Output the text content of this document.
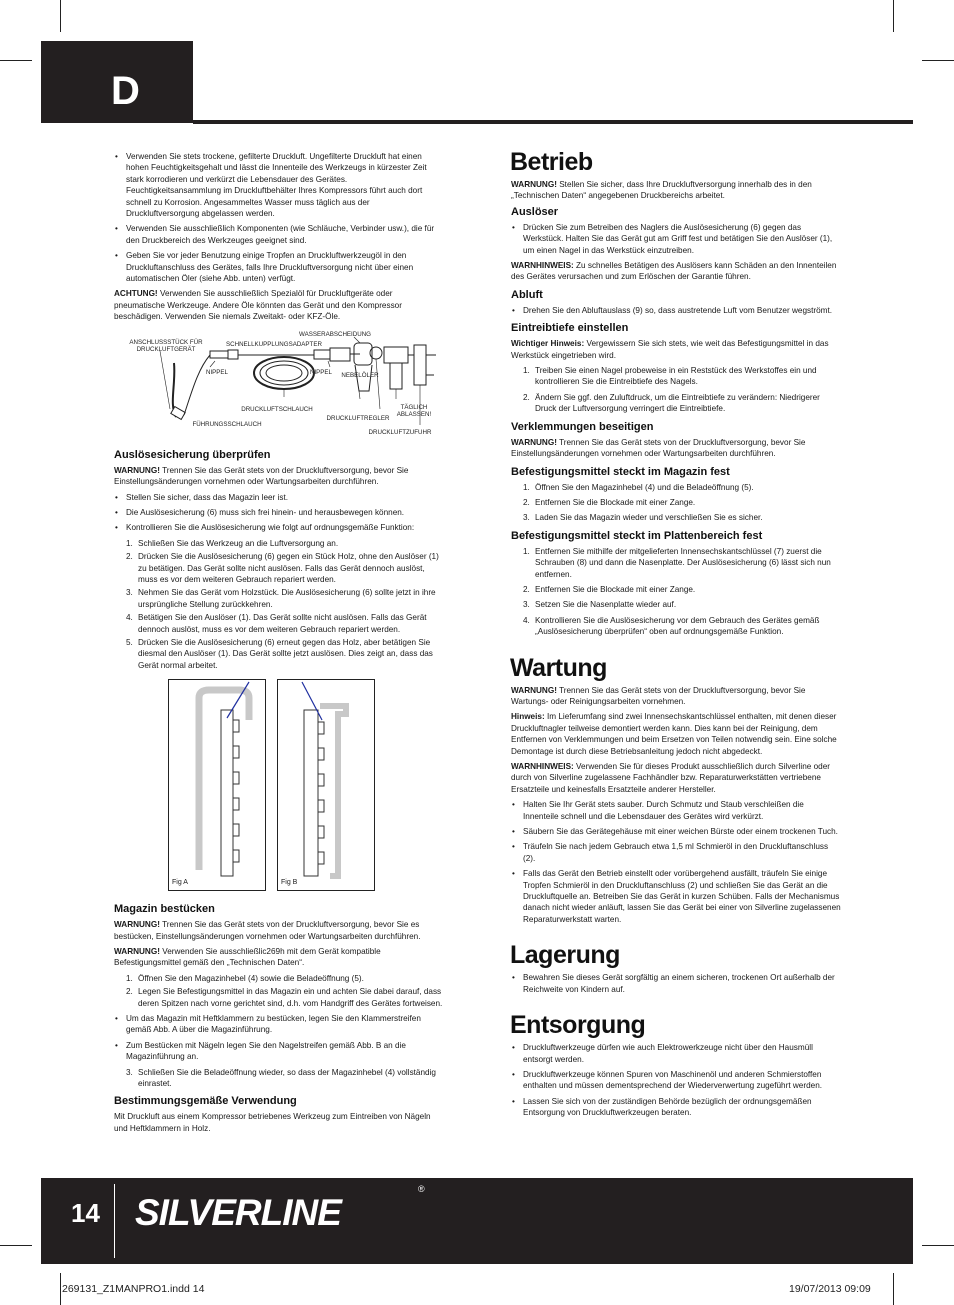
D
• Verwenden Sie stets trockene, gefilterte Druckluft. Ungefilterte Druckluft hat einen hohen Feuchtigkeitsgehalt und lässt die Innenteile des Werkzeugs in kürzester Zeit stark korrodieren und verkürzt die Lebensdauer des Gerätes. Feuchtigkeitsansammlung im Druckluftbehälter Ihres Kompressors führt auch dort schnell zu Korrosion. Angesammeltes Wasser muss täglich aus der Druckluftversorgung abgelassen werden.
• Verwenden Sie ausschließlich Komponenten (wie Schläuche, Verbinder usw.), die für den Druckbereich des Werkzeuges geeignet sind.
• Geben Sie vor jeder Benutzung einige Tropfen an Druckluftwerkzeugöl in den Druckluftanschluss des Gerätes, falls Ihre Druckluftversorgung nicht über einen automatischen Öler (siehe Abb. unten) verfügt.

ACHTUNG! Verwenden Sie ausschließlich Spezialöl für Druckluftgeräte oder pneumatische Werkzeuge. Andere Öle könnten das Gerät und den Kompressor beschädigen. Verwenden Sie niemals Zweitakt- oder KFZ-Öle.

ANSCHLUSSSTÜCK FÜR DRUCKLUFTGERÄT
SCHNELLKUPPLUNGSADAPTER
WASSERABSCHEIDUNG
NIPPEL	NIPPEL	NEBELÖLER
TÄGLICH ABLASSEN!
DRUCKLUFTSCHLAUCH
DRUCKLUFTREGLER
FÜHRUNGSSCHLAUCH
DRUCKLUFTZUFUHR
Auslösesicherung überprüfen

WARNUNG! Trennen Sie das Gerät stets von der Druckluftversorgung, bevor Sie Einstellungsänderungen vornehmen oder Wartungsarbeiten durchführen.

• Stellen Sie sicher, dass das Magazin leer ist.
• Die Auslösesicherung (6) muss sich frei hinein- und herausbewegen können.
• Kontrollieren Sie die Auslösesicherung wie folgt auf ordnungsgemäße Funktion:
1. Schließen Sie das Werkzeug an die Luftversorgung an.
2. Drücken Sie die Auslösesicherung (6) gegen ein Stück Holz, ohne den Auslöser (1) zu betätigen. Das Gerät sollte nicht auslösen. Falls das Gerät dennoch auslöst, muss es vor dem weiteren Gebrauch repariert werden.
3. Nehmen Sie das Gerät vom Holzstück. Die Auslösesicherung (6) sollte jetzt in ihre ursprüngliche Stellung zurückkehren.
4. Betätigen Sie den Auslöser (1). Das Gerät sollte nicht auslösen. Falls das Gerät dennoch auslöst, muss es vor dem weiteren Gebrauch repariert werden.
5. Drücken Sie die Auslösesicherung (6) erneut gegen das Holz, aber betätigen Sie diesmal den Auslöser (1). Das Gerät sollte jetzt auslösen. Dies zeigt an, dass das Gerät normal arbeitet.
Fig A	Fig B
Magazin bestücken

WARNUNG! Trennen Sie das Gerät stets von der Druckluftversorgung, bevor Sie es bestücken, Einstellungsänderungen vornehmen oder Wartungsarbeiten durchführen.

WARNUNG! Verwenden Sie ausschließlic269h mit dem Gerät kompatible Befestigungsmittel gemäß den „Technischen Daten“.

1. Öffnen Sie den Magazinhebel (4) sowie die Beladeöffnung (5).
2. Legen Sie Befestigungsmittel in das Magazin ein und achten Sie dabei darauf, dass deren Spitzen nach vorne gerichtet sind, d.h. vom Handgriff des Gerätes fortweisen.
• Um das Magazin mit Heftklammern zu bestücken, legen Sie den Klammerstreifen gemäß Abb. A über die Magazinführung.
• Zum Bestücken mit Nägeln legen Sie den Nagelstreifen gemäß Abb. B an die Magazinführung an.
3. Schließen Sie die Beladeöffnung wieder, so dass der Magazinhebel (4) vollständig einrastet.
Bestimmungsgemäße Verwendung

Mit Druckluft aus einem Kompressor betriebenes Werkzeug zum Eintreiben von Nägeln und Heftklammern in Holz.

Betrieb

WARNUNG! Stellen Sie sicher, dass Ihre Druckluftversorgung innerhalb des in den „Technischen Daten“ angegebenen Druckbereichs arbeitet.

Auslöser
• Drücken Sie zum Betreiben des Naglers die Auslösesicherung (6) gegen das Werkstück. Halten Sie das Gerät gut am Griff fest und betätigen Sie den Auslöser (1), um einen Nagel in das Werkstück einzutreiben.

WARNHINWEIS: Zu schnelles Betätigen des Auslösers kann Schäden an den Innenteilen des Gerätes verursachen und zum Erlöschen der Garantie führen.

Abluft
• Drehen Sie den Abluftauslass (9) so, dass austretende Luft vom Benutzer wegströmt.
Eintreibtiefe einstellen

Wichtiger Hinweis: Vergewissern Sie sich stets, wie weit das Befestigungsmittel in das Werkstück eingetrieben wird.

1. Treiben Sie einen Nagel probeweise in ein Reststück des Werkstoffes ein und kontrollieren Sie die Eintreibtiefe des Nagels.
2. Ändern Sie ggf. den Zuluftdruck, um die Eintreibtiefe zu verändern: Niedrigerer Druck der Luftversorgung verringert die Eintreibtiefe.
Verklemmungen beseitigen

WARNUNG! Trennen Sie das Gerät stets von der Druckluftversorgung, bevor Sie Einstellungsänderungen vornehmen oder Wartungsarbeiten durchführen.

Befestigungsmittel steckt im Magazin fest
1. Öffnen Sie den Magazinhebel (4) und die Beladeöffnung (5).
2. Entfernen Sie die Blockade mit einer Zange.
3. Laden Sie das Magazin wieder und verschließen Sie es sicher.
Befestigungsmittel steckt im Plattenbereich fest
1. Entfernen Sie mithilfe der mitgelieferten Innensechskantschlüssel (7) zuerst die Schrauben (8) und dann die Nasenplatte. Der Auslösesicherung (6) lässt sich nun entfernen.
2. Entfernen Sie die Blockade mit einer Zange.
3. Setzen Sie die Nasenplatte wieder auf.
4. Kontrollieren Sie die Auslösesicherung vor dem Gebrauch des Gerätes gemäß „Auslösesicherung überprüfen“ oben auf ordnungsgemäße Funktion.
Wartung

WARNUNG! Trennen Sie das Gerät stets von der Druckluftversorgung, bevor Sie Wartungs- oder Reinigungsarbeiten vornehmen.

Hinweis: Im Lieferumfang sind zwei Innensechskantschlüssel enthalten, mit denen dieser Druckluftnagler teilweise demontiert werden kann. Dies kann bei der Reinigung, dem Entfernen von Verklemmungen und beim Ersetzen von Teilen notwendig sein. Eine solche Demontage ist durch diese Betriebsanleitung jedoch nicht abgedeckt.

WARNHINWEIS: Verwenden Sie für dieses Produkt ausschließlich durch Silverline oder durch von Silverline zugelassene Fachhändler bzw. Reparaturwerkstätten vertriebene Ersatzteile und keinesfalls Ersatzteile anderer Hersteller.

• Halten Sie Ihr Gerät stets sauber. Durch Schmutz und Staub verschleißen die Innenteile schnell und die Lebensdauer des Gerätes wird verkürzt.
• Säubern Sie das Gerätegehäuse mit einer weichen Bürste oder einem trockenen Tuch.
• Träufeln Sie nach jedem Gebrauch etwa 1,5 ml Schmieröl in den Druckluftanschluss (2).
• Falls das Gerät den Betrieb einstellt oder vorübergehend ausfällt, träufeln Sie einige Tropfen Schmieröl in den Druckluftanschluss (2) und schließen Sie das Gerät an die Druckluftquelle an. Betreiben Sie das Gerät in kurzen Schüben. Falls der Mechanismus danach nicht wieder anläuft, lassen Sie das Gerät bei einer von Silverline zugelassenen Reparaturwerkstatt warten.
Lagerung
• Bewahren Sie dieses Gerät sorgfältig an einem sicheren, trockenen Ort außerhalb der Reichweite von Kindern auf.
Entsorgung
• Druckluftwerkzeuge dürfen wie auch Elektrowerkzeuge nicht über den Hausmüll entsorgt werden.
• Druckluftwerkzeuge können Spuren von Maschinenöl und anderen Schmierstoffen enthalten und müssen dementsprechend der Wiederverwertung zugeführt werden.
• Lassen Sie sich von der zuständigen Behörde bezüglich der ordnungsgemäßen Entsorgung von Druckluftwerkzeugen beraten.
14 SILVERLINE
®
269131_Z1MANPRO1.indd 14	19/07/2013 09:09
